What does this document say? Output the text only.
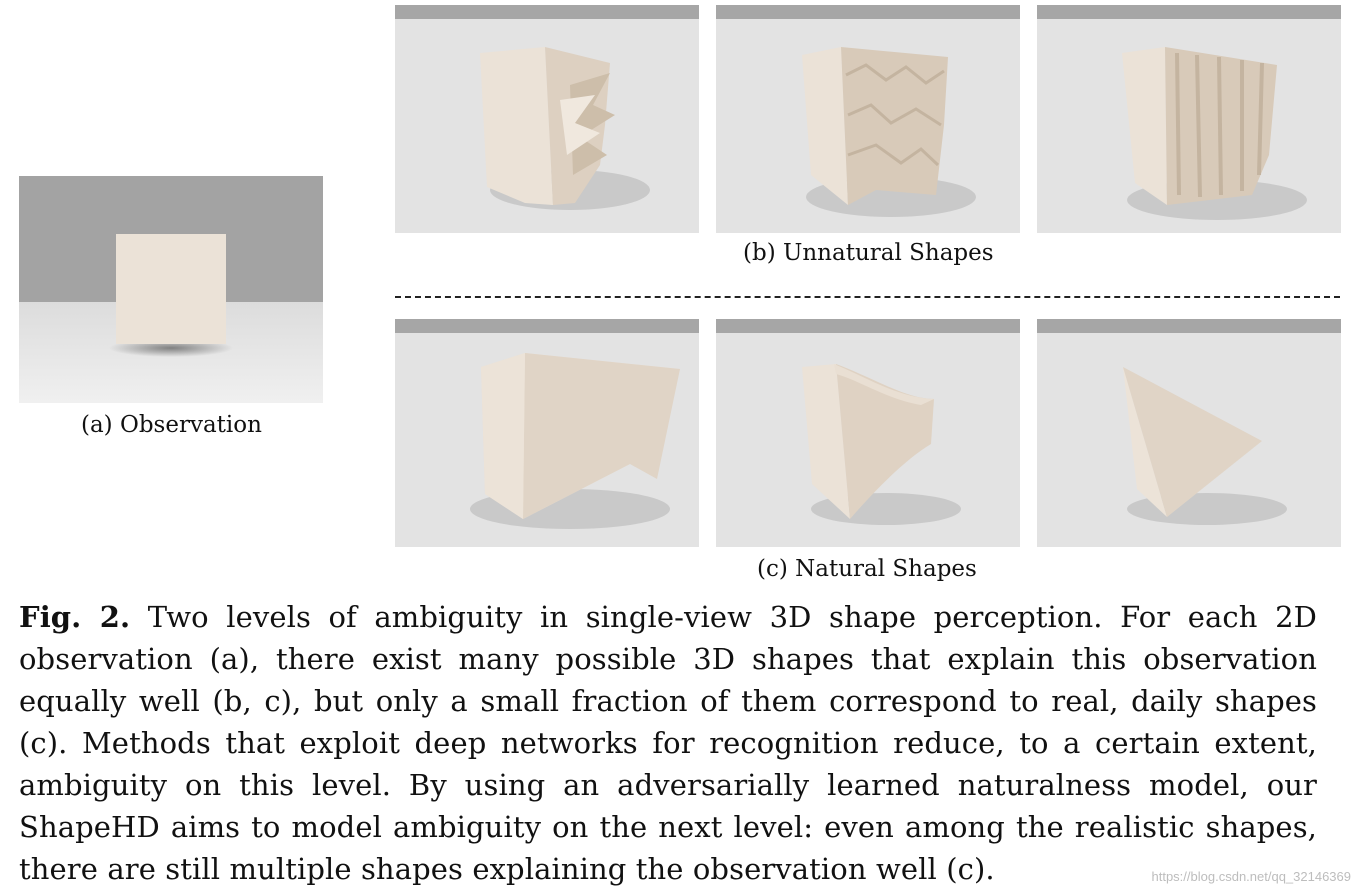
(a) Observation
(b) Unnatural Shapes
(c) Natural Shapes

Fig. 2. Two levels of ambiguity in single-view 3D shape perception. For each 2D observation (a), there exist many possible 3D shapes that explain this observation equally well (b, c), but only a small fraction of them correspond to real, daily shapes (c). Methods that exploit deep networks for recognition reduce, to a certain extent, ambiguity on this level. By using an adversarially learned naturalness model, our ShapeHD aims to model ambiguity on the next level: even among the realistic shapes, there are still multiple shapes explaining the observation well (c).	https://blog.csdn.net/qq_32146369
